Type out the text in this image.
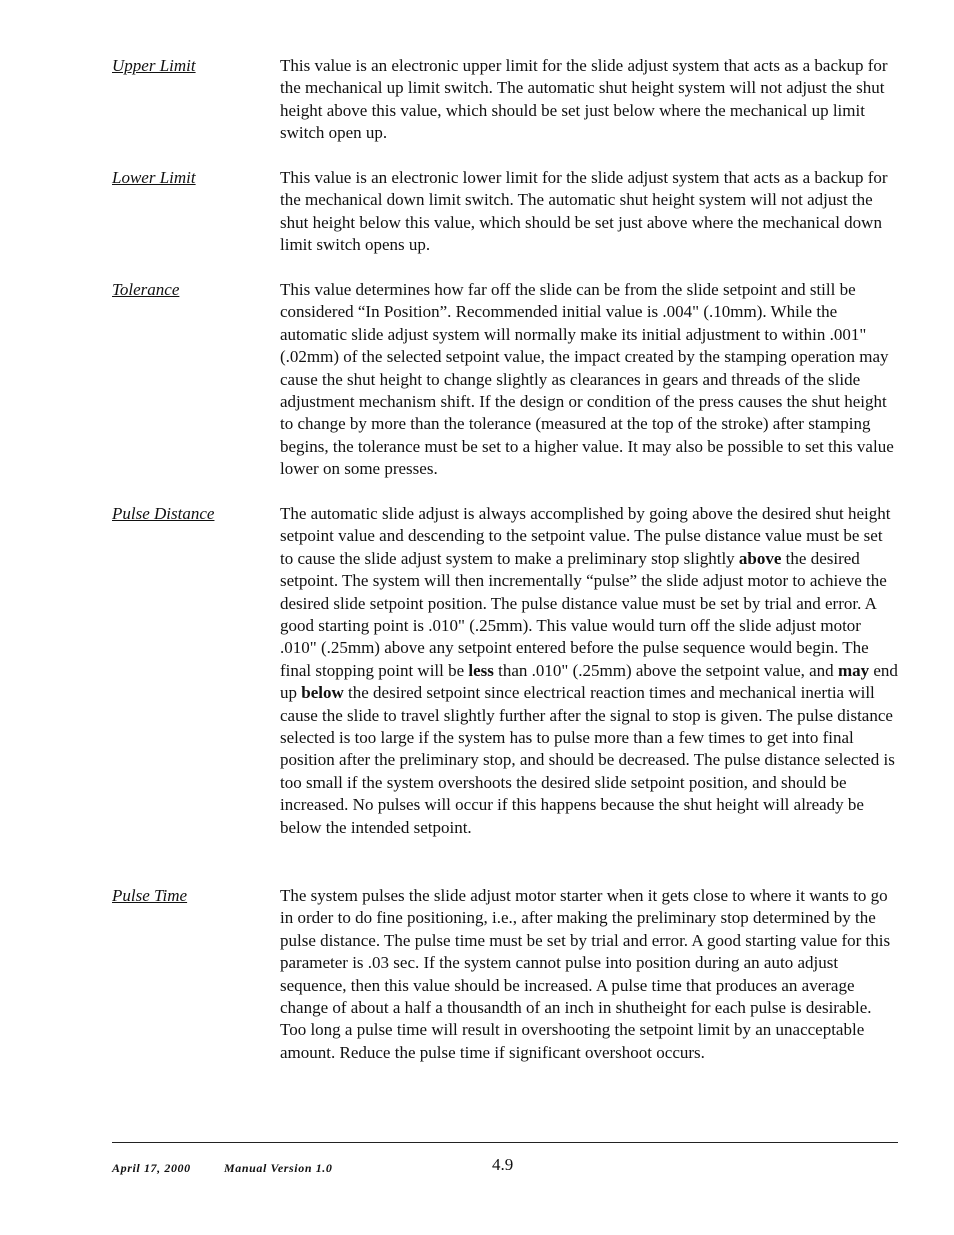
Upper Limit	This value is an electronic upper limit for the slide adjust system that acts as a backup for the mechanical up limit switch. The automatic shut height system will not adjust the shut height above this value, which should be set just below where the mechanical up limit switch open up.

Lower Limit	This value is an electronic lower limit for the slide adjust system that acts as a backup for the mechanical down limit switch. The automatic shut height system will not adjust the shut height below this value, which should be set just above where the mechanical down limit switch opens up.

Tolerance	This value determines how far off the slide can be from the slide setpoint and still be considered “In Position”. Recommended initial value is .004" (.10mm). While the automatic slide adjust system will normally make its initial adjustment to within .001" (.02mm) of the selected setpoint value, the impact created by the stamping operation may cause the shut height to change slightly as clearances in gears and threads of the slide adjustment mechanism shift. If the design or condition of the press causes the shut height to change by more than the tolerance (measured at the top of the stroke) after stamping begins, the tolerance must be set to a higher value. It may also be possible to set this value lower on some presses.

Pulse Distance	The automatic slide adjust is always accomplished by going above the desired shut height setpoint value and descending to the setpoint value. The pulse distance value must be set to cause the slide adjust system to make a preliminary stop slightly above the desired setpoint. The system will then incrementally “pulse” the slide adjust motor to achieve the desired slide setpoint position. The pulse distance value must be set by trial and error. A good starting point is .010" (.25mm). This value would turn off the slide adjust motor .010" (.25mm) above any setpoint entered before the pulse sequence would begin. The final stopping point will be less than .010" (.25mm) above the setpoint value, and may end up below the desired setpoint since electrical reaction times and mechanical inertia will cause the slide to travel slightly further after the signal to stop is given. The pulse distance selected is too large if the system has to pulse more than a few times to get into final position after the preliminary stop, and should be decreased. The pulse distance selected is too small if the system overshoots the desired slide setpoint position, and should be increased. No pulses will occur if this happens because the shut height will already be below the intended setpoint.

Pulse Time	The system pulses the slide adjust motor starter when it gets close to where it wants to go in order to do fine positioning, i.e., after making the preliminary stop determined by the pulse distance. The pulse time must be set by trial and error. A good starting value for this parameter is .03 sec. If the system cannot pulse into position during an auto adjust sequence, then this value should be increased. A pulse time that produces an average change of about a half a thousandth of an inch in shutheight for each pulse is desirable. Too long a pulse time will result in overshooting the setpoint limit by an unacceptable amount. Reduce the pulse time if significant overshoot occurs.

April 17, 2000	Manual Version 1.0	4.9
